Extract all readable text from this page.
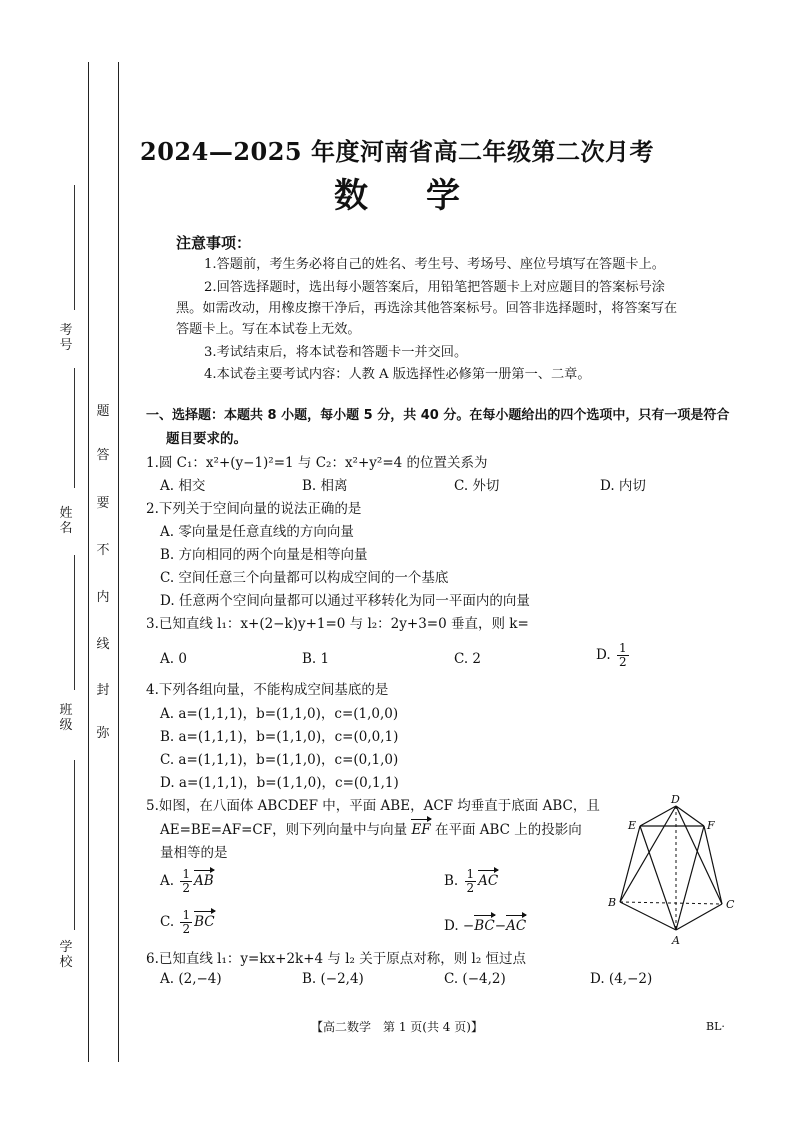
考号
姓名
班级
学校
题
答
要
不
内
线
封
弥
2024—2025 年度河南省高二年级第二次月考
数学
注意事项：
1.答题前，考生务必将自己的姓名、考生号、考场号、座位号填写在答题卡上。
2.回答选择题时，选出每小题答案后，用铅笔把答题卡上对应题目的答案标号涂
黑。如需改动，用橡皮擦干净后，再选涂其他答案标号。回答非选择题时，将答案写在
答题卡上。写在本试卷上无效。
3.考试结束后，将本试卷和答题卡一并交回。
4.本试卷主要考试内容：人教 A 版选择性必修第一册第一、二章。
一、选择题：本题共 8 小题，每小题 5 分，共 40 分。在每小题给出的四个选项中，只有一项是符合
题目要求的。
1.圆 C₁：x²+(y−1)²=1 与 C₂：x²+y²=4 的位置关系为
A. 相交	B. 相离	C. 外切	D. 内切
2.下列关于空间向量的说法正确的是
A. 零向量是任意直线的方向向量
B. 方向相同的两个向量是相等向量
C. 空间任意三个向量都可以构成空间的一个基底
D. 任意两个空间向量都可以通过平移转化为同一平面内的向量
3.已知直线 l₁：x+(2−k)y+1=0 与 l₂：2y+3=0 垂直，则 k=
A. 0	B. 1	C. 2	D. $\frac{1}{2}$
4.下列各组向量，不能构成空间基底的是
A. a=(1,1,1)，b=(1,1,0)，c=(1,0,0)
B. a=(1,1,1)，b=(1,1,0)，c=(0,0,1)
C. a=(1,1,1)，b=(1,1,0)，c=(0,1,0)
D. a=(1,1,1)，b=(1,1,0)，c=(0,1,1)
5.如图，在八面体 ABCDEF 中，平面 ABE，ACF 均垂直于底面 ABC，且
AE=BE=AF=CF，则下列向量中与向量 EF 在平面 ABC 上的投影向
量相等的是
A. $\frac{1}{2}$ AB	B. $\frac{1}{2}$ AC
C. $\frac{1}{2}$ BC	D. −BC−AC
D
E	F
B	C
A
6.已知直线 l₁：y=kx+2k+4 与 l₂ 关于原点对称，则 l₂ 恒过点
A. (2,−4)	B. (−2,4)	C. (−4,2)	D. (4,−2)
【高二数学　第 1 页(共 4 页)】	BL·
